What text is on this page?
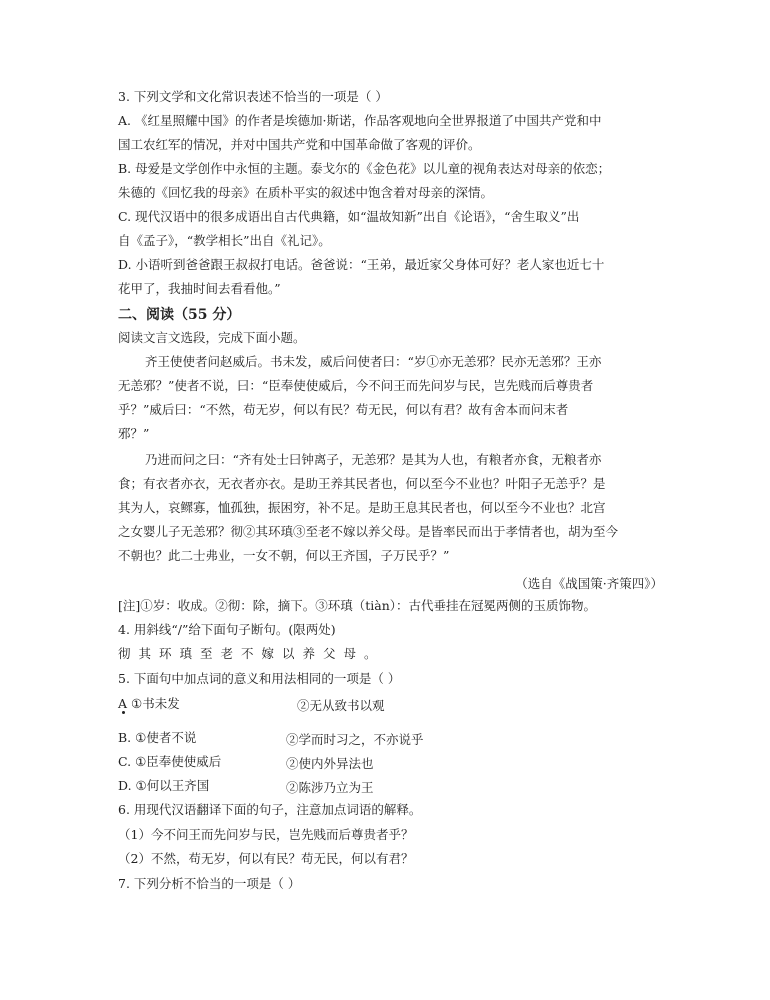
3. 下列文学和文化常识表述不恰当的一项是（ ）
A. 《红星照耀中国》的作者是埃德加·斯诺，作品客观地向全世界报道了中国共产党和中
国工农红军的情况，并对中国共产党和中国革命做了客观的评价。
B. 母爱是文学创作中永恒的主题。泰戈尔的《金色花》以儿童的视角表达对母亲的依恋；
朱德的《回忆我的母亲》在质朴平实的叙述中饱含着对母亲的深情。
C. 现代汉语中的很多成语出自古代典籍，如“温故知新”出自《论语》，“舍生取义”出
自《孟子》，“教学相长”出自《礼记》。
D. 小语听到爸爸跟王叔叔打电话。爸爸说：“王弟，最近家父身体可好？老人家也近七十
花甲了，我抽时间去看看他。”
二、阅读（55 分）
阅读文言文选段，完成下面小题。
齐王使使者问赵威后。书未发，威后问使者曰：“岁①亦无恙邪？民亦无恙邪？王亦
无恙邪？”使者不说，曰：“臣奉使使威后，今不问王而先问岁与民，岂先贱而后尊贵者
乎？”威后曰：“不然，苟无岁，何以有民？苟无民，何以有君？故有舍本而问末者
邪？”
乃进而问之曰：“齐有处士曰钟离子，无恙邪？是其为人也，有粮者亦食，无粮者亦
食；有衣者亦衣，无衣者亦衣。是助王养其民者也，何以至今不业也？叶阳子无恙乎？是
其为人，哀鳏寡，恤孤独，振困穷，补不足。是助王息其民者也，何以至今不业也？北宫
之女婴儿子无恙邪？彻②其环瑱③至老不嫁以养父母。是皆率民而出于孝情者也，胡为至今
不朝也？此二士弗业，一女不朝，何以王齐国，子万民乎？”
（选自《战国策·齐策四》）
[注]①岁：收成。②彻：除，摘下。③环瑱（tiàn）：古代垂挂在冠冕两侧的玉质饰物。
4. 用斜线“/”给下面句子断句。(限两处)
彻其环瑱至老不嫁以养父母。
5. 下面句中加点词的意义和用法相同的一项是（ ）
A ①书未发	②无从致书以观
B. ①使者不说	②学而时习之，不亦说乎
C. ①臣奉使使威后	②使内外异法也
D. ①何以王齐国	②陈涉乃立为王
6. 用现代汉语翻译下面的句子，注意加点词语的解释。
（1）今不问王而先问岁与民，岂先贱而后尊贵者乎？
（2）不然，苟无岁，何以有民？苟无民，何以有君？
7. 下列分析不恰当的一项是（ ）
